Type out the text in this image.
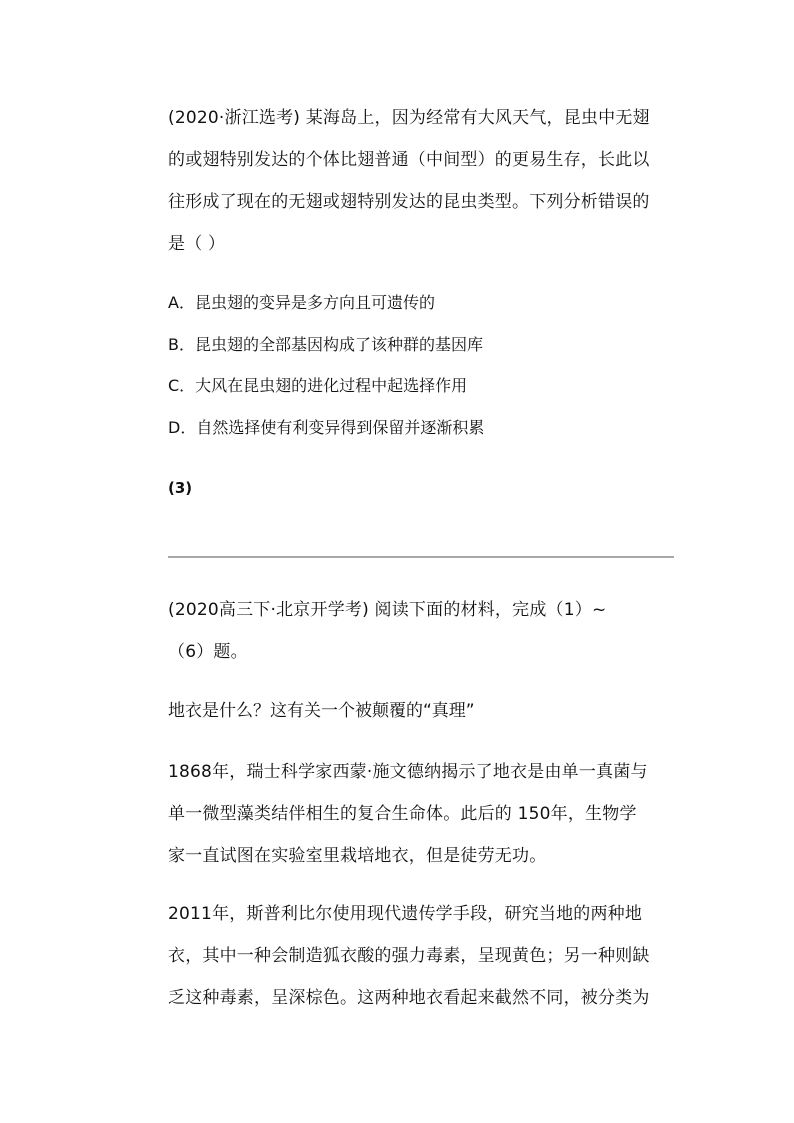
(2020·浙江选考) 某海岛上，因为经常有大风天气，昆虫中无翅
的或翅特别发达的个体比翅普通（中间型）的更易生存，长此以
往形成了现在的无翅或翅特别发达的昆虫类型。下列分析错误的
是（ ）
A．昆虫翅的变异是多方向且可遗传的
B．昆虫翅的全部基因构成了该种群的基因库
C．大风在昆虫翅的进化过程中起选择作用
D．自然选择使有利变异得到保留并逐渐积累
(3)
(2020高三下·北京开学考) 阅读下面的材料，完成（1）~
（6）题。
地衣是什么？这有关一个被颠覆的“真理”
1868年，瑞士科学家西蒙·施文德纳揭示了地衣是由单一真菌与
单一微型藻类结伴相生的复合生命体。此后的 150年，生物学
家一直试图在实验室里栽培地衣，但是徒劳无功。
2011年，斯普利比尔使用现代遗传学手段，研究当地的两种地
衣，其中一种会制造狐衣酸的强力毒素，呈现黄色；另一种则缺
乏这种毒素，呈深棕色。这两种地衣看起来截然不同，被分类为
